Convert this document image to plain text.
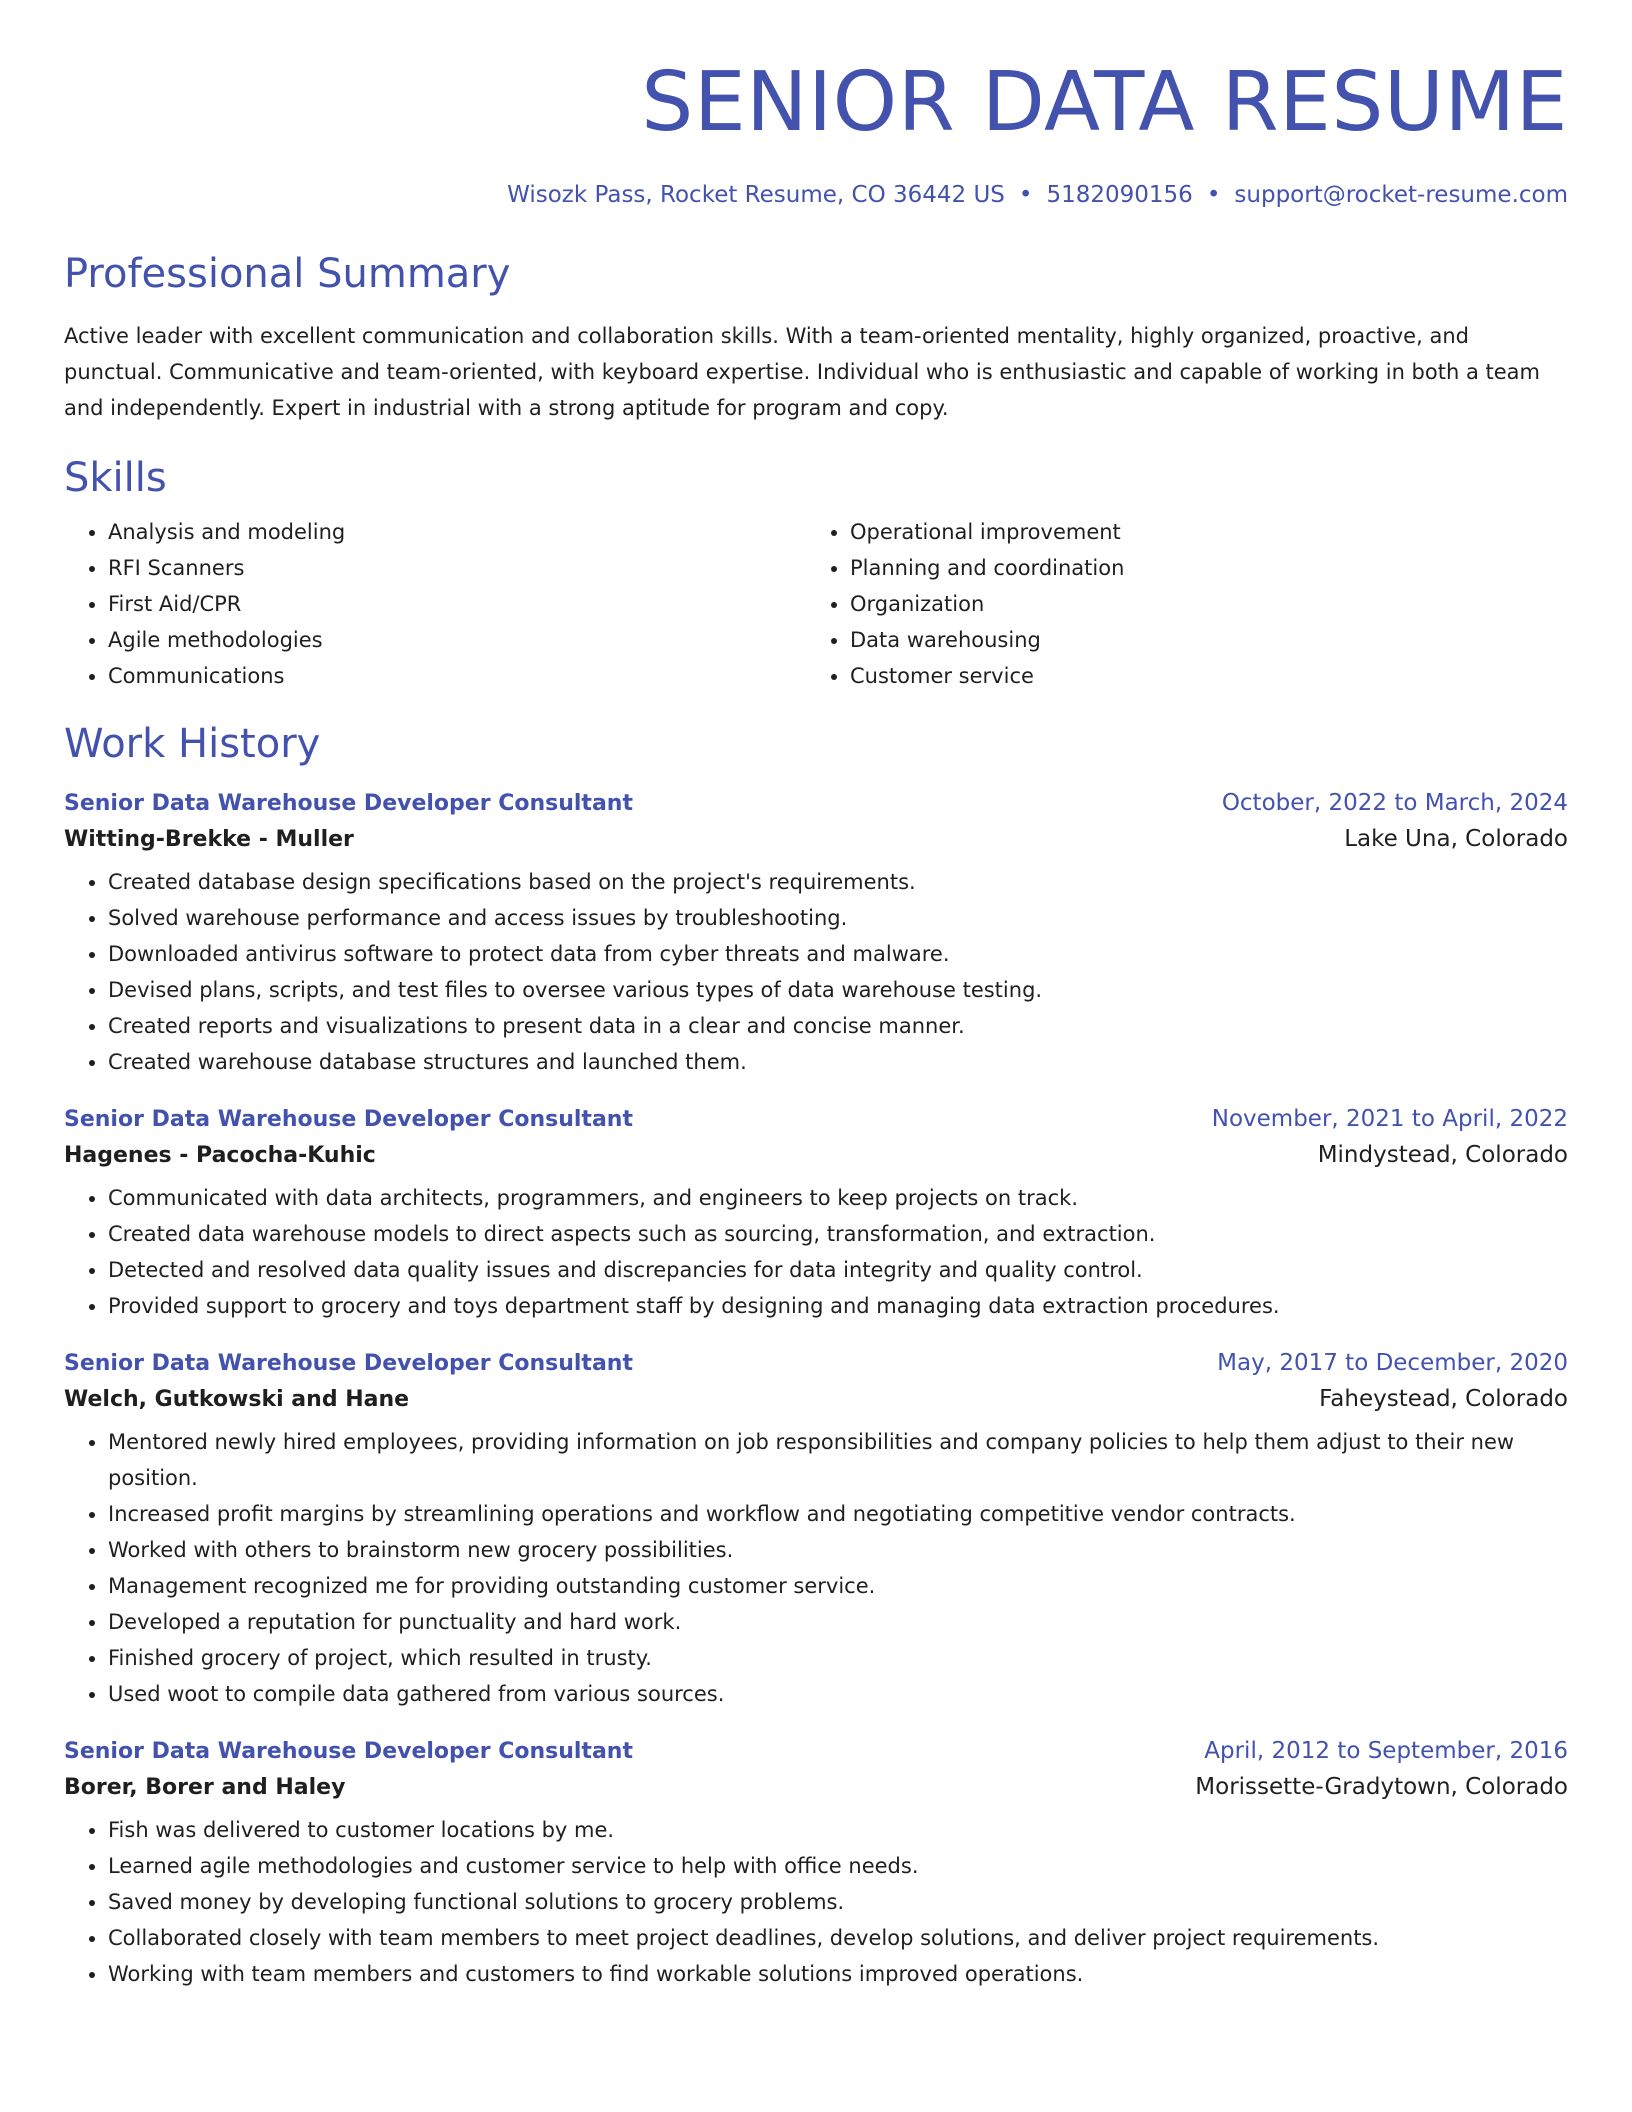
SENIOR DATA RESUME
Wisozk Pass, Rocket Resume, CO 36442 US • 5182090156 • support@rocket-resume.com
Professional Summary
Active leader with excellent communication and collaboration skills. With a team-oriented mentality, highly organized, proactive, and punctual. Communicative and team-oriented, with keyboard expertise. Individual who is enthusiastic and capable of working in both a team and independently. Expert in industrial with a strong aptitude for program and copy.
Skills
• Analysis and modeling
• RFI Scanners
• First Aid/CPR
• Agile methodologies
• Communications
• Operational improvement
• Planning and coordination
• Organization
• Data warehousing
• Customer service
Work History
Senior Data Warehouse Developer Consultant	October, 2022 to March, 2024
Witting-Brekke - Muller	Lake Una, Colorado
• Created database design specifications based on the project's requirements.
• Solved warehouse performance and access issues by troubleshooting.
• Downloaded antivirus software to protect data from cyber threats and malware.
• Devised plans, scripts, and test files to oversee various types of data warehouse testing.
• Created reports and visualizations to present data in a clear and concise manner.
• Created warehouse database structures and launched them.
Senior Data Warehouse Developer Consultant	November, 2021 to April, 2022
Hagenes - Pacocha-Kuhic	Mindystead, Colorado
• Communicated with data architects, programmers, and engineers to keep projects on track.
• Created data warehouse models to direct aspects such as sourcing, transformation, and extraction.
• Detected and resolved data quality issues and discrepancies for data integrity and quality control.
• Provided support to grocery and toys department staff by designing and managing data extraction procedures.
Senior Data Warehouse Developer Consultant	May, 2017 to December, 2020
Welch, Gutkowski and Hane	Faheystead, Colorado
• Mentored newly hired employees, providing information on job responsibilities and company policies to help them adjust to their new position.
• Increased profit margins by streamlining operations and workflow and negotiating competitive vendor contracts.
• Worked with others to brainstorm new grocery possibilities.
• Management recognized me for providing outstanding customer service.
• Developed a reputation for punctuality and hard work.
• Finished grocery of project, which resulted in trusty.
• Used woot to compile data gathered from various sources.
Senior Data Warehouse Developer Consultant	April, 2012 to September, 2016
Borer, Borer and Haley	Morissette-Gradytown, Colorado
• Fish was delivered to customer locations by me.
• Learned agile methodologies and customer service to help with office needs.
• Saved money by developing functional solutions to grocery problems.
• Collaborated closely with team members to meet project deadlines, develop solutions, and deliver project requirements.
• Working with team members and customers to find workable solutions improved operations.
